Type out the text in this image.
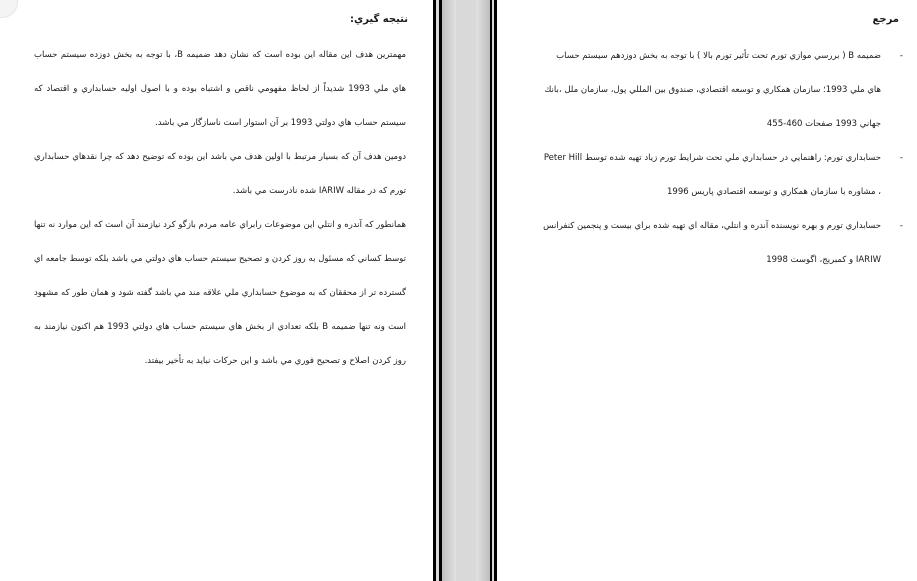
نتيجه گيري:

مهمترين هدف اين مقاله اين بوده است كه نشان دهد ضميمه B، با توجه به بخش دوزده سيستم حساب هاي ملي 1993 شديداً از لحاظ مفهومي ناقص و اشتباه بوده و با اصول اوليه حسابداري و اقتصاد كه سيستم حساب هاي دولتي 1993 بر آن استوار است ناسازگار مي باشد.

دومين هدف آن كه بسيار مرتبط با اولين هدف مي باشد اين بوده كه توضيح دهد كه چرا نقدهاي حسابداري تورم كه در مقاله IARIW شده نادرست مي باشد.

همانطور كه آندره و انتلي اين موضوعات رابراي عامه مردم بازگو كرد نيازمند آن است كه اين موارد نه تنها توسط كساني كه مسئول به روز كردن و تصحيح سيستم حساب هاي دولتي مي باشد بلكه توسط جامعه اي گسترده تر از محققان كه به موضوع حسابداري ملي علاقه مند مي باشد گفته شود و همان طور كه مشهود است ونه تنها ضميمه B بلكه تعدادي از بخش هاي سيستم حساب هاي دولتي 1993 هم اكنون نيازمند به روز كردن اصلاح و تصحيح فوري مي باشد و اين حركات نبايد به تأخير بيفتد.

مرجع
-
ضميمه B ( بررسي موازي تورم تحت تأثير تورم بالا ) با توجه به بخش دوزدهم سيستم حساب هاي ملي 1993؛ سازمان همكاري و توسعه اقتصادي، صندوق بين المللي پول، سازمان ملل ،بانك جهاني 1993 صفحات 460-455
-
حسابداري تورم: راهنمايي در حسابداري ملي تحت شرايط تورم زياد تهيه شده توسط Peter Hill ، مشاوره با سازمان همكاري و توسعه اقتصادي پاريس 1996
-
حسابداري تورم و بهره نويسنده آندره و انتلي، مقاله اي تهيه شده براي بيست و پنجمين كنفرانس IARIW و كمبريج، اگوست 1998
